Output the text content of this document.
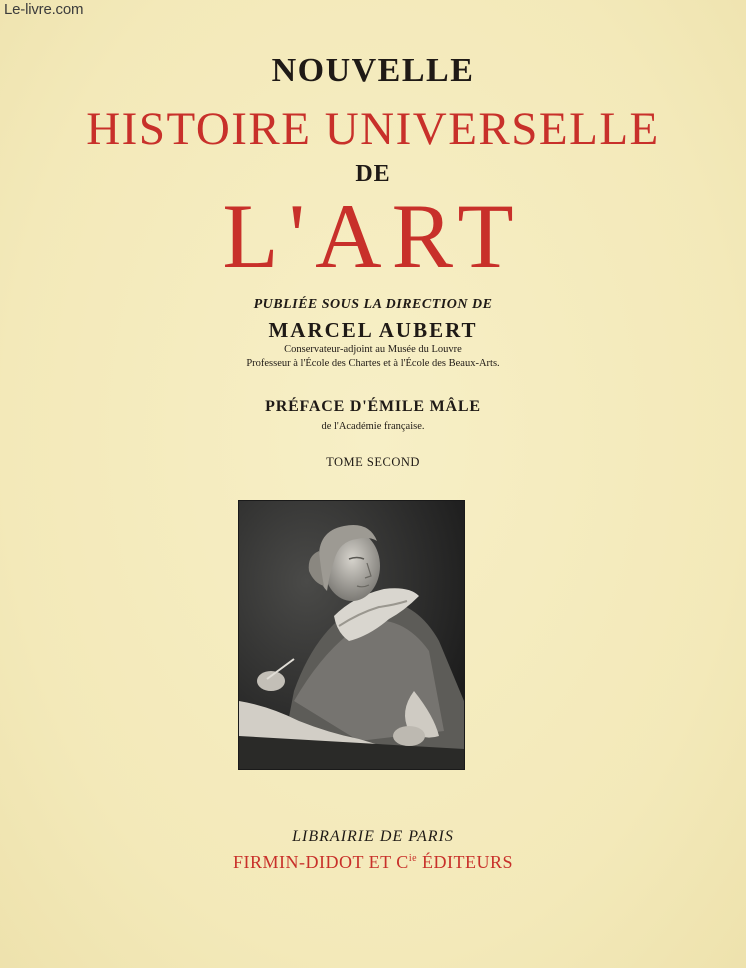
Le-livre.com
NOUVELLE
HISTOIRE UNIVERSELLE
DE
L'ART
PUBLIÉE SOUS LA DIRECTION DE
MARCEL AUBERT
Conservateur-adjoint au Musée du Louvre
Professeur à l'École des Chartes et à l'École des Beaux-Arts.
PRÉFACE D'ÉMILE MÂLE
de l'Académie française.
TOME SECOND
LIBRAIRIE DE PARIS
FIRMIN-DIDOT ET $C^{ie}$ ÉDITEURS
